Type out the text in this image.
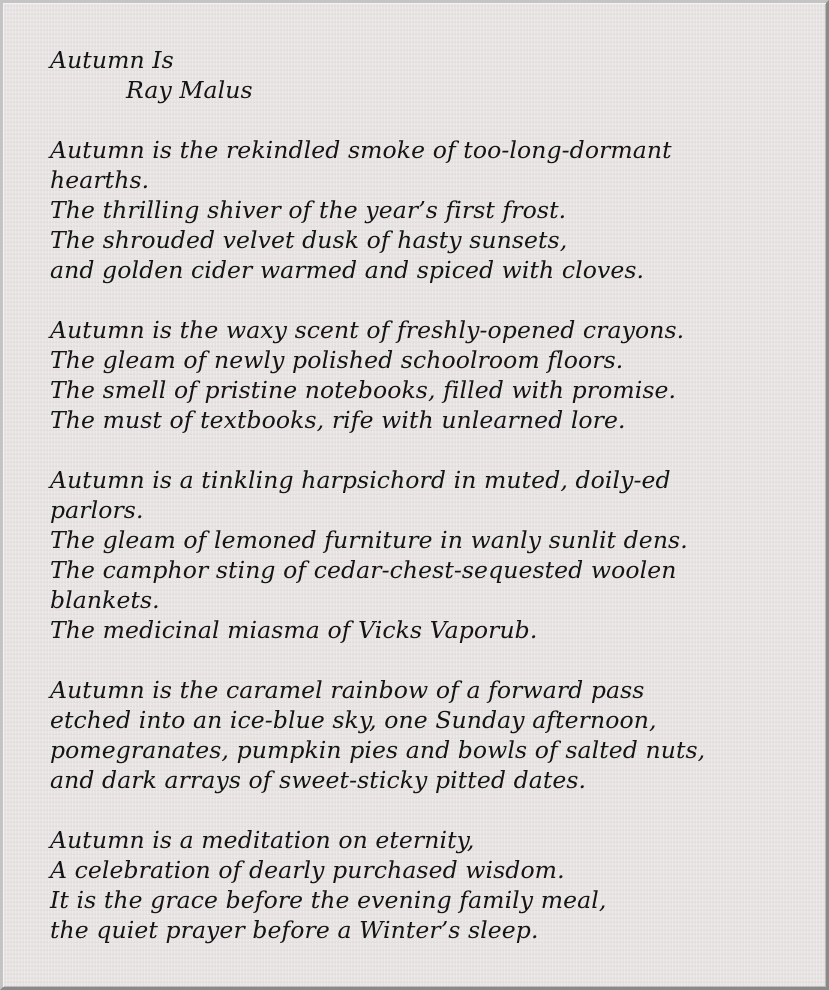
Autumn Is
Ray Malus
Autumn is the rekindled smoke of too-long-dormant
hearths.
The thrilling shiver of the year’s first frost.
The shrouded velvet dusk of hasty sunsets,
and golden cider warmed and spiced with cloves.
Autumn is the waxy scent of freshly-opened crayons.
The gleam of newly polished schoolroom floors.
The smell of pristine notebooks, filled with promise.
The must of textbooks, rife with unlearned lore.
Autumn is a tinkling harpsichord in muted, doily-ed
parlors.
The gleam of lemoned furniture in wanly sunlit dens.
The camphor sting of cedar-chest-sequested woolen
blankets.
The medicinal miasma of Vicks Vaporub.
Autumn is the caramel rainbow of a forward pass
etched into an ice-blue sky, one Sunday afternoon,
pomegranates, pumpkin pies and bowls of salted nuts,
and dark arrays of sweet-sticky pitted dates.
Autumn is a meditation on eternity,
A celebration of dearly purchased wisdom.
It is the grace before the evening family meal,
the quiet prayer before a Winter’s sleep.
